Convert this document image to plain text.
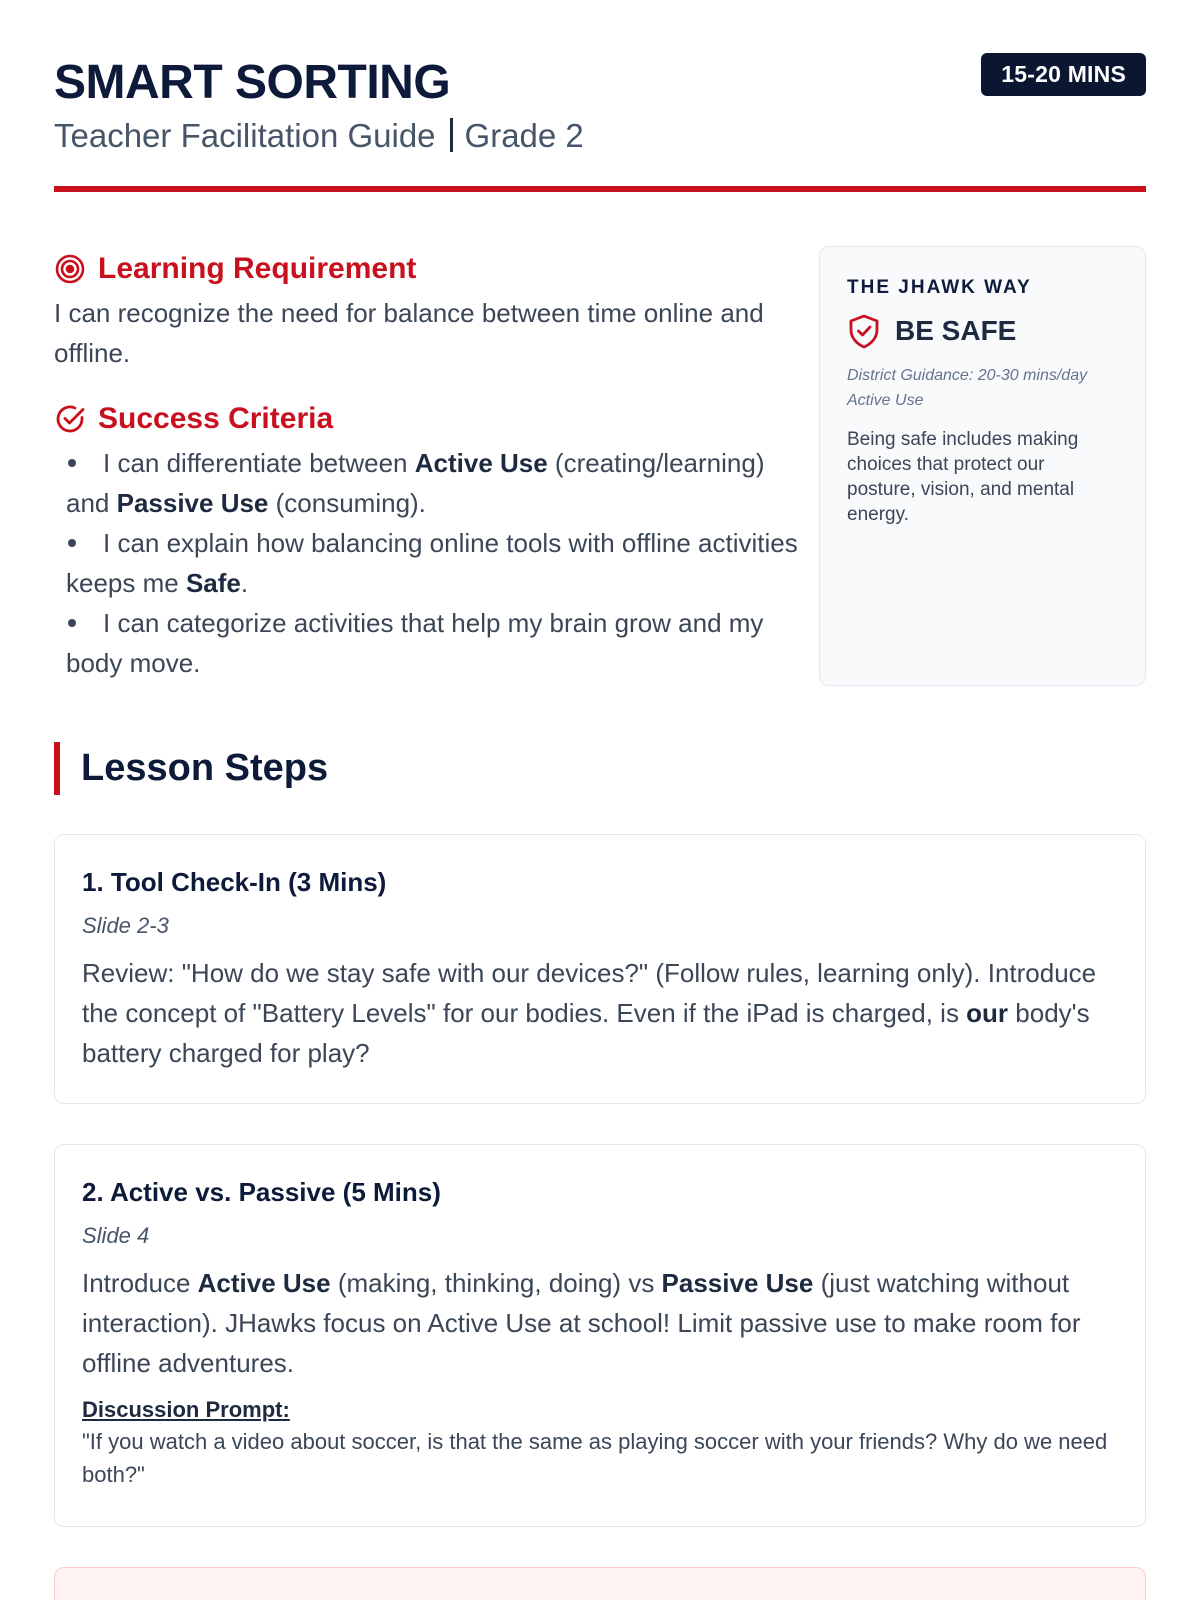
SMART SORTING
Teacher Facilitation Guide Grade 2
15-20 MINS
Learning Requirement

I can recognize the need for balance between time online and offline.

Success Criteria
I can differentiate between Active Use (creating/learning) and Passive Use (consuming).
I can explain how balancing online tools with offline activities keeps me Safe.
I can categorize activities that help my brain grow and my body move.
THE JHAWK WAY
BE SAFE

District Guidance: 20-30 mins/day Active Use

Being safe includes making choices that protect our posture, vision, and mental energy.

Lesson Steps
1. Tool Check-In (3 Mins)
Slide 2-3

Review: "How do we stay safe with our devices?" (Follow rules, learning only). Introduce the concept of "Battery Levels" for our bodies. Even if the iPad is charged, is our body's battery charged for play?

2. Active vs. Passive (5 Mins)
Slide 4

Introduce Active Use (making, thinking, doing) vs Passive Use (just watching without interaction). JHawks focus on Active Use at school! Limit passive use to make room for offline adventures.

Discussion Prompt:

"If you watch a video about soccer, is that the same as playing soccer with your friends? Why do we need both?"
